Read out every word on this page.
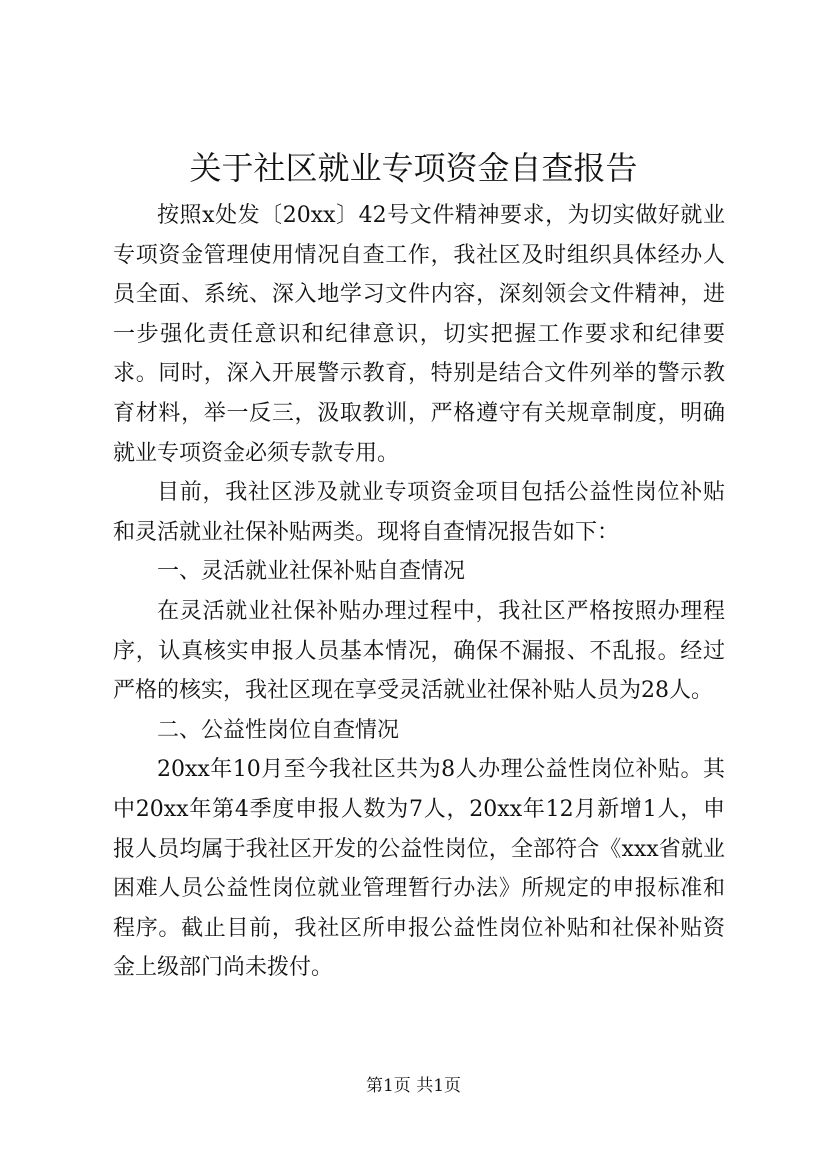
关于社区就业专项资金自查报告

按照x处发〔20xx〕42号文件精神要求，为切实做好就业专项资金管理使用情况自查工作，我社区及时组织具体经办人员全面、系统、深入地学习文件内容，深刻领会文件精神，进一步强化责任意识和纪律意识，切实把握工作要求和纪律要求。同时，深入开展警示教育，特别是结合文件列举的警示教育材料，举一反三，汲取教训，严格遵守有关规章制度，明确就业专项资金必须专款专用。

目前，我社区涉及就业专项资金项目包括公益性岗位补贴和灵活就业社保补贴两类。现将自查情况报告如下：

一、灵活就业社保补贴自查情况

在灵活就业社保补贴办理过程中，我社区严格按照办理程序，认真核实申报人员基本情况，确保不漏报、不乱报。经过严格的核实，我社区现在享受灵活就业社保补贴人员为28人。

二、公益性岗位自查情况

20xx年10月至今我社区共为8人办理公益性岗位补贴。其中20xx年第4季度申报人数为7人，20xx年12月新增1人，申报人员均属于我社区开发的公益性岗位，全部符合《xxx省就业困难人员公益性岗位就业管理暂行办法》所规定的申报标准和程序。截止目前，我社区所申报公益性岗位补贴和社保补贴资金上级部门尚未拨付。

第1页 共1页
